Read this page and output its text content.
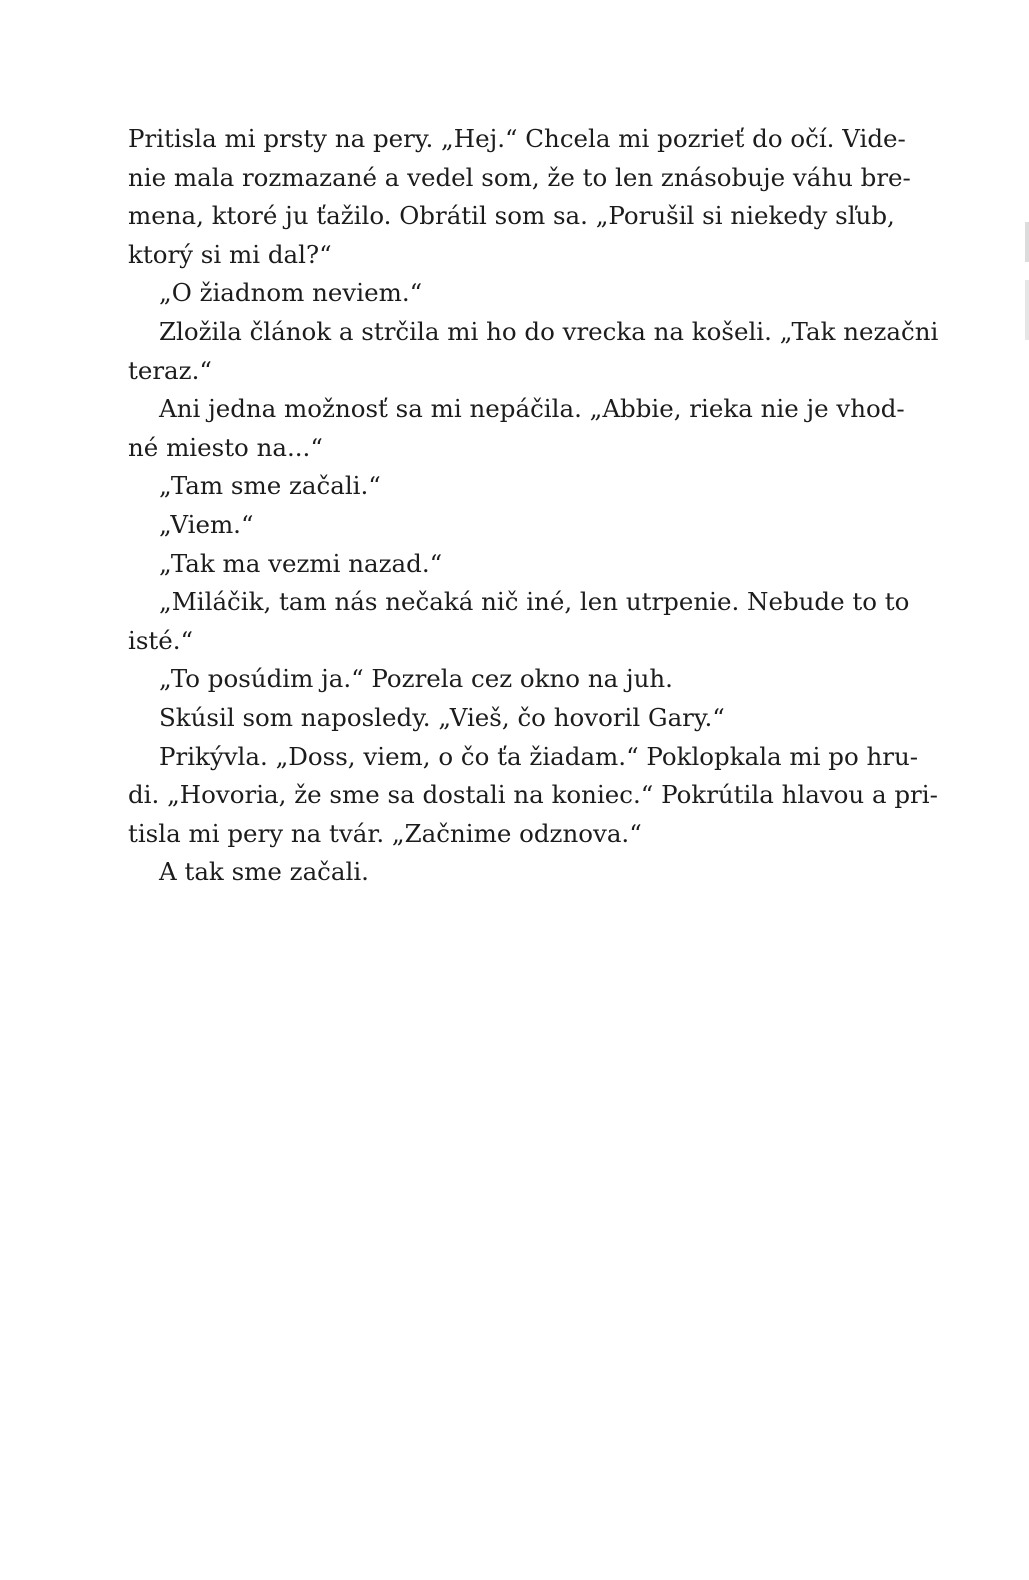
Pritisla mi prsty na pery. „Hej.“ Chcela mi pozrieť do očí. Vide-
nie mala rozmazané a vedel som, že to len znásobuje váhu bre-
mena, ktoré ju ťažilo. Obrátil som sa. „Porušil si niekedy sľub,
ktorý si mi dal?“
„O žiadnom neviem.“
Zložila článok a strčila mi ho do vrecka na košeli. „Tak nezačni
teraz.“
Ani jedna možnosť sa mi nepáčila. „Abbie, rieka nie je vhod-
né miesto na...“
„Tam sme začali.“
„Viem.“
„Tak ma vezmi nazad.“
„Miláčik, tam nás nečaká nič iné, len utrpenie. Nebude to to
isté.“
„To posúdim ja.“ Pozrela cez okno na juh.
Skúsil som naposledy. „Vieš, čo hovoril Gary.“
Prikývla. „Doss, viem, o čo ťa žiadam.“ Poklopkala mi po hru-
di. „Hovoria, že sme sa dostali na koniec.“ Pokrútila hlavou a pri-
tisla mi pery na tvár. „Začnime odznova.“
A tak sme začali.
